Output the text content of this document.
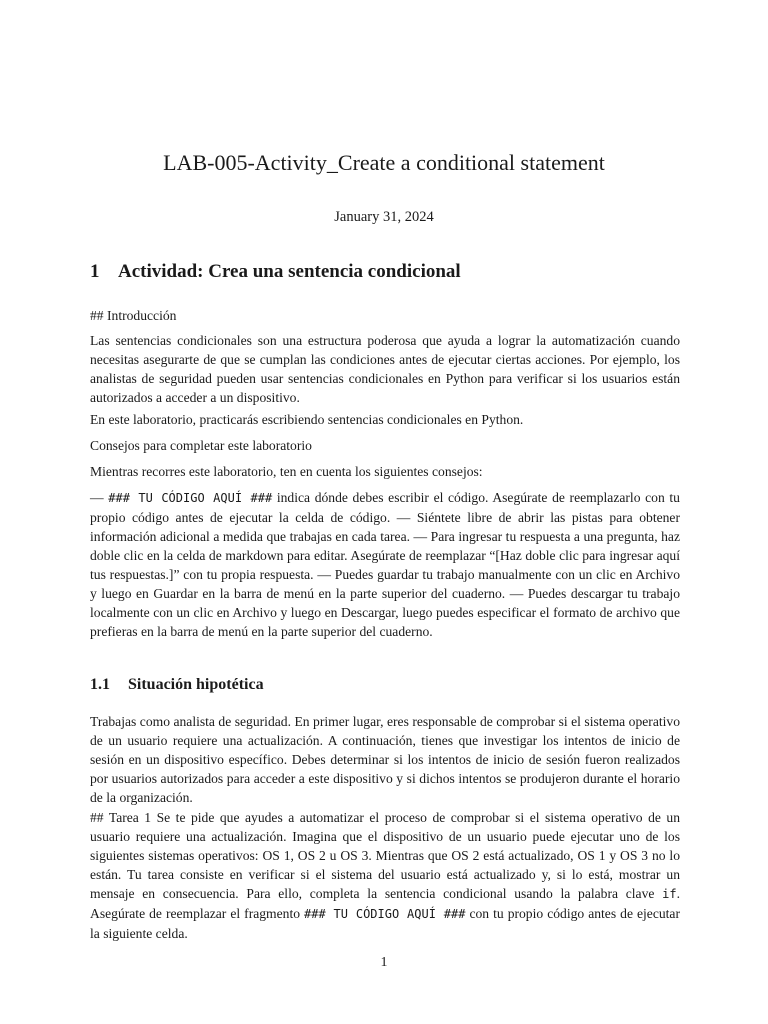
LAB-005-Activity_Create a conditional statement
January 31, 2024
1 Actividad: Crea una sentencia condicional

## Introducción

Las sentencias condicionales son una estructura poderosa que ayuda a lograr la automatización cuando necesitas asegurarte de que se cumplan las condiciones antes de ejecutar ciertas acciones. Por ejemplo, los analistas de seguridad pueden usar sentencias condicionales en Python para verificar si los usuarios están autorizados a acceder a un dispositivo.

En este laboratorio, practicarás escribiendo sentencias condicionales en Python.

Consejos para completar este laboratorio

Mientras recorres este laboratorio, ten en cuenta los siguientes consejos:

— ### TU CÓDIGO AQUÍ ### indica dónde debes escribir el código. Asegúrate de reemplazarlo con tu propio código antes de ejecutar la celda de código. — Siéntete libre de abrir las pistas para obtener información adicional a medida que trabajas en cada tarea. — Para ingresar tu respuesta a una pregunta, haz doble clic en la celda de markdown para editar. Asegúrate de reemplazar “[Haz doble clic para ingresar aquí tus respuestas.]” con tu propia respuesta. — Puedes guardar tu trabajo manualmente con un clic en Archivo y luego en Guardar en la barra de menú en la parte superior del cuaderno. — Puedes descargar tu trabajo localmente con un clic en Archivo y luego en Descargar, luego puedes especificar el formato de archivo que prefieras en la barra de menú en la parte superior del cuaderno.

1.1 Situación hipotética

Trabajas como analista de seguridad. En primer lugar, eres responsable de comprobar si el sistema operativo de un usuario requiere una actualización. A continuación, tienes que investigar los intentos de inicio de sesión en un dispositivo específico. Debes determinar si los intentos de inicio de sesión fueron realizados por usuarios autorizados para acceder a este dispositivo y si dichos intentos se produjeron durante el horario de la organización.

## Tarea 1 Se te pide que ayudes a automatizar el proceso de comprobar si el sistema operativo de un usuario requiere una actualización. Imagina que el dispositivo de un usuario puede ejecutar uno de los siguientes sistemas operativos: OS 1, OS 2 u OS 3. Mientras que OS 2 está actualizado, OS 1 y OS 3 no lo están. Tu tarea consiste en verificar si el sistema del usuario está actualizado y, si lo está, mostrar un mensaje en consecuencia. Para ello, completa la sentencia condicional usando la palabra clave if. Asegúrate de reemplazar el fragmento ### TU CÓDIGO AQUÍ ### con tu propio código antes de ejecutar la siguiente celda.

1
